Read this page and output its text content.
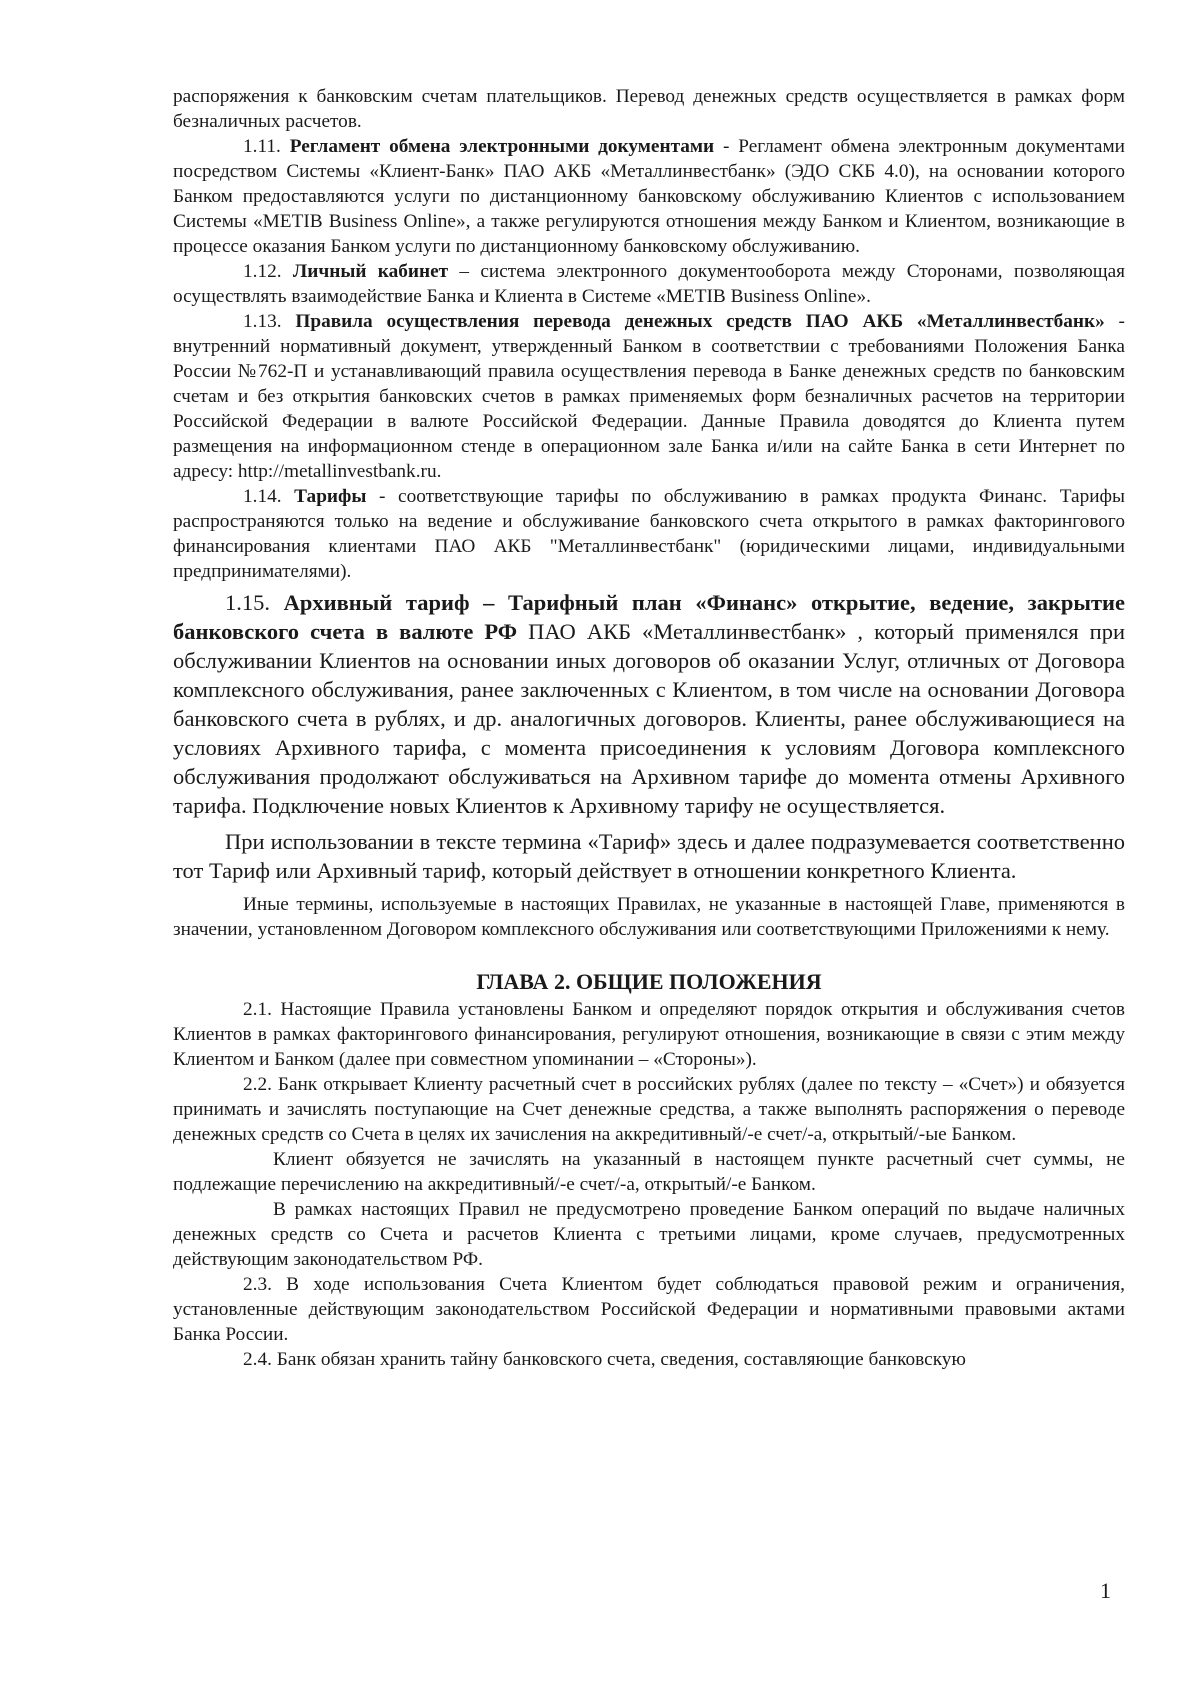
распоряжения к банковским счетам плательщиков. Перевод денежных средств осуществляется в рамках форм безналичных расчетов.

1.11. Регламент обмена электронными документами - Регламент обмена электронным документами посредством Системы «Клиент-Банк» ПАО АКБ «Металлинвестбанк» (ЭДО СКБ 4.0), на основании которого Банком предоставляются услуги по дистанционному банковскому обслуживанию Клиентов с использованием Системы «METIB Business Online», а также регулируются отношения между Банком и Клиентом, возникающие в процессе оказания Банком услуги по дистанционному банковскому обслуживанию.

1.12. Личный кабинет – система электронного документооборота между Сторонами, позволяющая осуществлять взаимодействие Банка и Клиента в Системе «METIB Business Online».

1.13. Правила осуществления перевода денежных средств ПАО АКБ «Металлинвестбанк» - внутренний нормативный документ, утвержденный Банком в соответствии с требованиями Положения Банка России №762-П и устанавливающий правила осуществления перевода в Банке денежных средств по банковским счетам и без открытия банковских счетов в рамках применяемых форм безналичных расчетов на территории Российской Федерации в валюте Российской Федерации. Данные Правила доводятся до Клиента путем размещения на информационном стенде в операционном зале Банка и/или на сайте Банка в сети Интернет по адресу: http://metallinvestbank.ru.

1.14. Тарифы - соответствующие тарифы по обслуживанию в рамках продукта Финанс. Тарифы распространяются только на ведение и обслуживание банковского счета открытого в рамках факторингового финансирования клиентами ПАО АКБ "Металлинвестбанк" (юридическими лицами, индивидуальными предпринимателями).

1.15. Архивный тариф – Тарифный план «Финанс» открытие, ведение, закрытие банковского счета в валюте РФ ПАО АКБ «Металлинвестбанк» , который применялся при обслуживании Клиентов на основании иных договоров об оказании Услуг, отличных от Договора комплексного обслуживания, ранее заключенных с Клиентом, в том числе на основании Договора банковского счета в рублях, и др. аналогичных договоров. Клиенты, ранее обслуживающиеся на условиях Архивного тарифа, с момента присоединения к условиям Договора комплексного обслуживания продолжают обслуживаться на Архивном тарифе до момента отмены Архивного тарифа. Подключение новых Клиентов к Архивному тарифу не осуществляется.

При использовании в тексте термина «Тариф» здесь и далее подразумевается соответственно тот Тариф или Архивный тариф, который действует в отношении конкретного Клиента.

Иные термины, используемые в настоящих Правилах, не указанные в настоящей Главе, применяются в значении, установленном Договором комплексного обслуживания или соответствующими Приложениями к нему.

ГЛАВА 2. ОБЩИЕ ПОЛОЖЕНИЯ

2.1. Настоящие Правила установлены Банком и определяют порядок открытия и обслуживания счетов Клиентов в рамках факторингового финансирования, регулируют отношения, возникающие в связи с этим между Клиентом и Банком (далее при совместном упоминании – «Стороны»).

2.2. Банк открывает Клиенту расчетный счет в российских рублях (далее по тексту – «Счет») и обязуется принимать и зачислять поступающие на Счет денежные средства, а также выполнять распоряжения о переводе денежных средств со Счета в целях их зачисления на аккредитивный/-е счет/-а, открытый/-ые Банком.

Клиент обязуется не зачислять на указанный в настоящем пункте расчетный счет суммы, не подлежащие перечислению на аккредитивный/-е счет/-а, открытый/-е Банком.

В рамках настоящих Правил не предусмотрено проведение Банком операций по выдаче наличных денежных средств со Счета и расчетов Клиента с третьими лицами, кроме случаев, предусмотренных действующим законодательством РФ.

2.3. В ходе использования Счета Клиентом будет соблюдаться правовой режим и ограничения, установленные действующим законодательством Российской Федерации и нормативными правовыми актами Банка России.

2.4. Банк обязан хранить тайну банковского счета, сведения, составляющие банковскую

1
